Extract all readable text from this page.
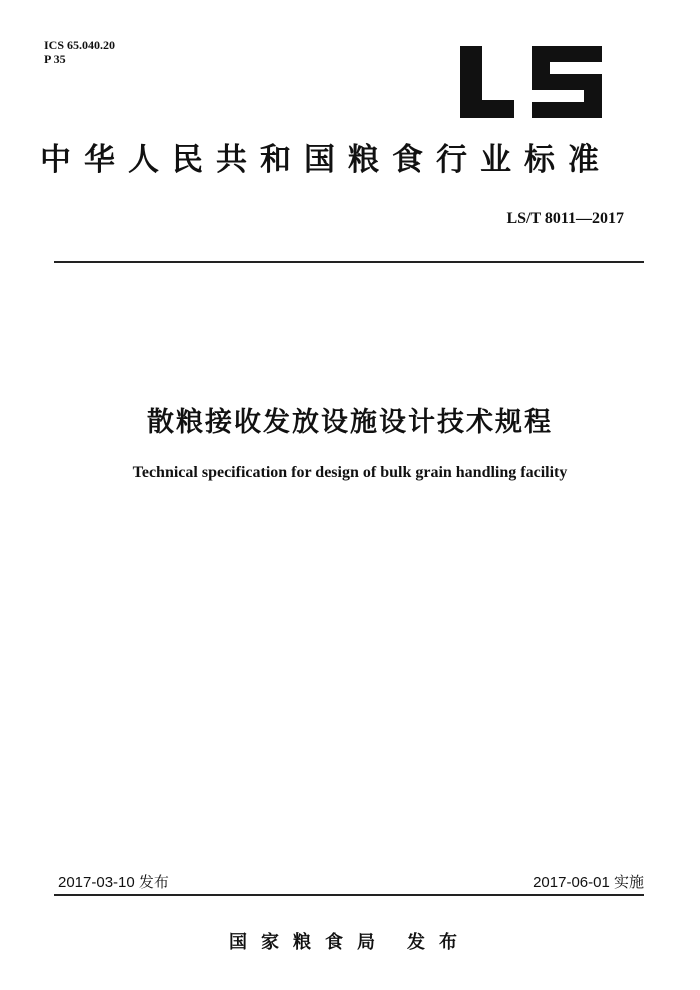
ICS 65.040.20
P 35
中华人民共和国粮食行业标准
LS/T 8011—2017
散粮接收发放设施设计技术规程
Technical specification for design of bulk grain handling facility
2017-03-10 发布	2017-06-01 实施
国家粮食局 发布
